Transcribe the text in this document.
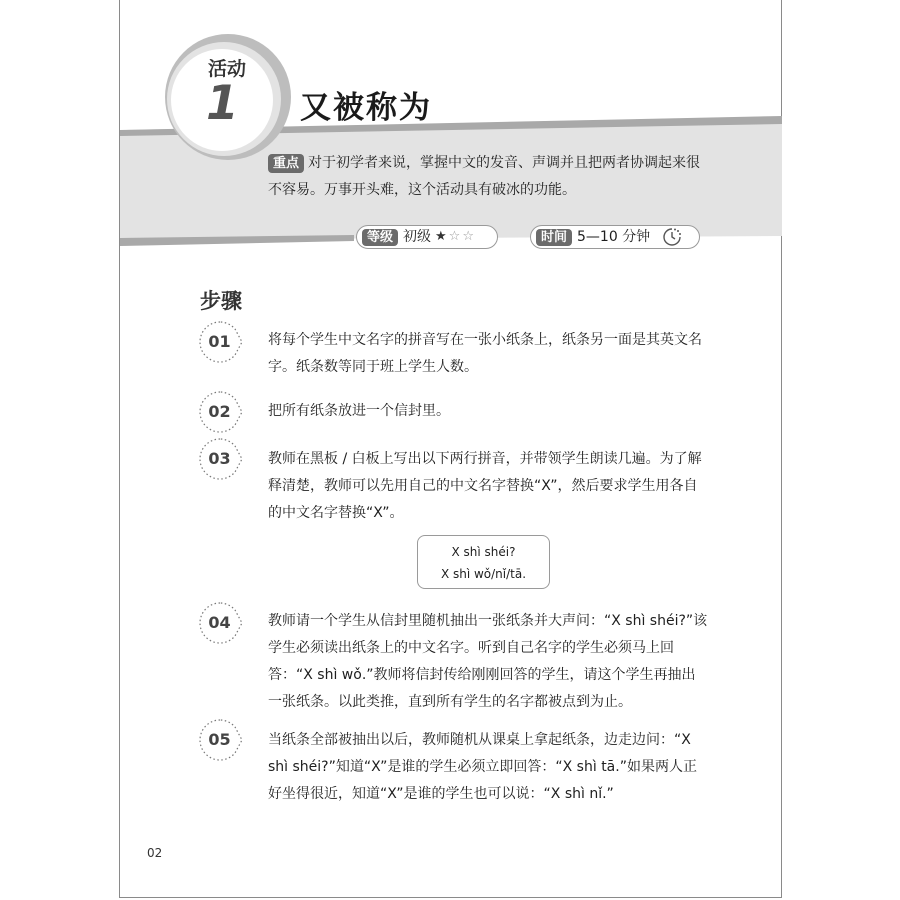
活动
1 又被称为
重点 对于初学者来说，掌握中文的发音、声调并且把两者协调起来很不容易。万事开头难，这个活动具有破冰的功能。
等级 初级 ★☆☆	时间 5—10 分钟
步骤
01	将每个学生中文名字的拼音写在一张小纸条上，纸条另一面是其英文名字。纸条数等同于班上学生人数。
02	把所有纸条放进一个信封里。
03	教师在黑板 / 白板上写出以下两行拼音，并带领学生朗读几遍。为了解释清楚，教师可以先用自己的中文名字替换“X”，然后要求学生用各自的中文名字替换“X”。
X shì shéi?
X shì wǒ/nǐ/tā.
04	教师请一个学生从信封里随机抽出一张纸条并大声问：“X shì shéi?”该学生必须读出纸条上的中文名字。听到自己名字的学生必须马上回答：“X shì wǒ.”教师将信封传给刚刚回答的学生，请这个学生再抽出一张纸条。以此类推，直到所有学生的名字都被点到为止。
05	当纸条全部被抽出以后，教师随机从课桌上拿起纸条，边走边问：“X shì shéi?”知道“X”是谁的学生必须立即回答：“X shì tā.”如果两人正好坐得很近，知道“X”是谁的学生也可以说：“X shì nǐ.”
02
